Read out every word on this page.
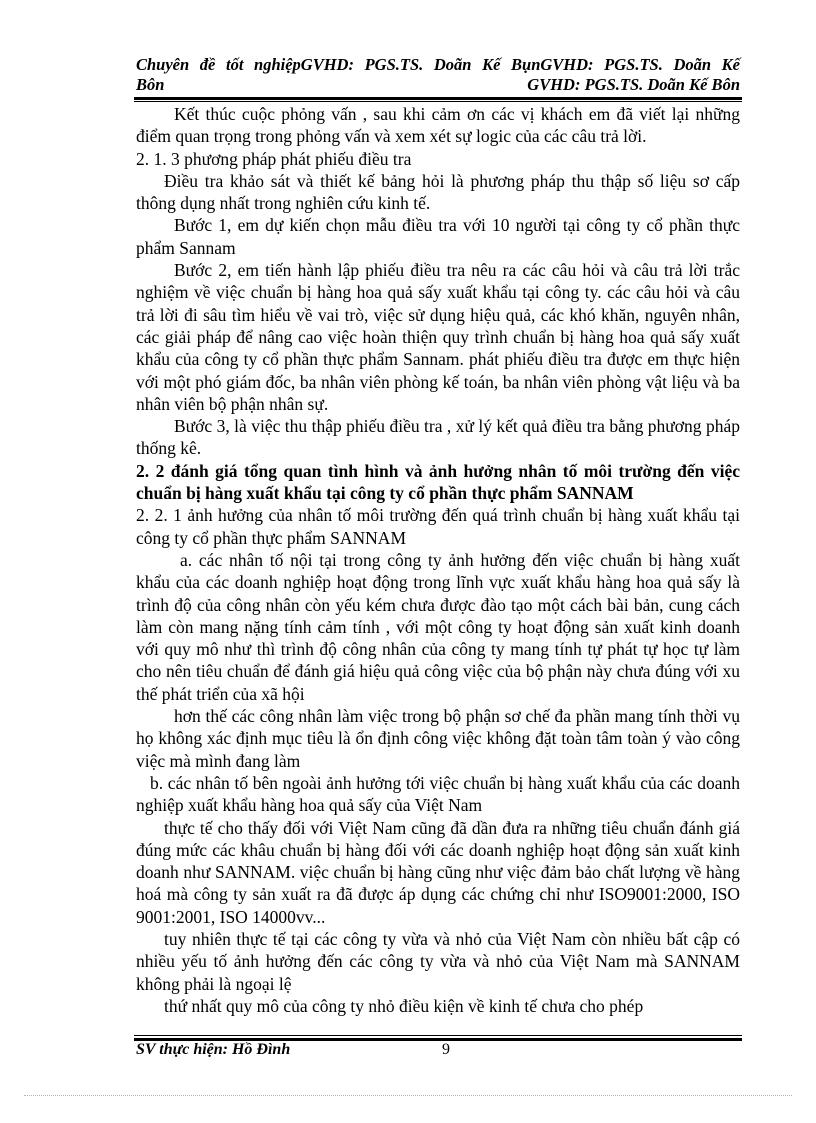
Chuyên đề tốt nghiệpGVHD: PGS.TS. Doãn Kế BụnGVHD: PGS.TS. Doãn Kế
Bôn	GVHD: PGS.TS. Doãn Kế Bôn

Kết thúc cuộc phỏng vấn , sau khi cảm ơn các vị khách em đã viết lại những điểm quan trọng trong phỏng vấn và xem xét sự logic của các câu trả lời.

2. 1. 3 phương pháp phát phiếu điều tra

Điều tra khảo sát và thiết kế bảng hỏi là phương pháp thu thập số liệu sơ cấp thông dụng nhất trong nghiên cứu kinh tế.

Bước 1, em dự kiến chọn mẫu điều tra với 10 người tại công ty cổ phần thực phẩm Sannam

Bước 2, em tiến hành lập phiếu điều tra nêu ra các câu hỏi và câu trả lời trắc nghiệm về việc chuẩn bị hàng hoa quả sấy xuất khẩu tại công ty. các câu hỏi và câu trả lời đi sâu tìm hiểu về vai trò, việc sử dụng hiệu quả, các khó khăn, nguyên nhân, các giải pháp để nâng cao việc hoàn thiện quy trình chuẩn bị hàng hoa quả sấy xuất khẩu của công ty cổ phần thực phẩm Sannam. phát phiếu điều tra được em thực hiện với một phó giám đốc, ba nhân viên phòng kế toán, ba nhân viên phòng vật liệu và ba nhân viên bộ phận nhân sự.

Bước 3, là việc thu thập phiếu điều tra , xử lý kết quả điều tra bằng phương pháp thống kê.

2. 2 đánh giá tổng quan tình hình và ảnh hưởng nhân tố môi trường đến việc chuẩn bị hàng xuất khẩu tại công ty cổ phần thực phẩm SANNAM

2. 2. 1 ảnh hưởng của nhân tố môi trường đến quá trình chuẩn bị hàng xuất khẩu tại công ty cổ phần thực phẩm SANNAM

a. các nhân tố nội tại trong công ty ảnh hưởng đến việc chuẩn bị hàng xuất khẩu của các doanh nghiệp hoạt động trong lĩnh vực xuất khẩu hàng hoa quả sấy là trình độ của công nhân còn yếu kém chưa được đào tạo một cách bài bản, cung cách làm còn mang nặng tính cảm tính , với một công ty hoạt động sản xuất kinh doanh với quy mô như thì trình độ công nhân của công ty mang tính tự phát tự học tự làm cho nên tiêu chuẩn để đánh giá hiệu quả công việc của bộ phận này chưa đúng với xu thế phát triển của xã hội

hơn thế các công nhân làm việc trong bộ phận sơ chế đa phần mang tính thời vụ họ không xác định mục tiêu là ổn định công việc không đặt toàn tâm toàn ý vào công việc mà mình đang làm

b. các nhân tố bên ngoài ảnh hưởng tới việc chuẩn bị hàng xuất khẩu của các doanh nghiệp xuất khẩu hàng hoa quả sấy của Việt Nam

thực tế cho thấy đối với Việt Nam cũng đã dần đưa ra những tiêu chuẩn đánh giá đúng mức các khâu chuẩn bị hàng đối với các doanh nghiệp hoạt động sản xuất kinh doanh như SANNAM. việc chuẩn bị hàng cũng như việc đảm bảo chất lượng về hàng hoá mà công ty sản xuất ra đã được áp dụng các chứng chỉ như ISO9001:2000, ISO 9001:2001, ISO 14000vv...

tuy nhiên thực tế tại các công ty vừa và nhỏ của Việt Nam còn nhiều bất cập có nhiều yếu tố ảnh hưởng đến các công ty vừa và nhỏ của Việt Nam mà SANNAM không phải là ngoại lệ

thứ nhất quy mô của công ty nhỏ điều kiện về kinh tế chưa cho phép

SV thực hiện: Hồ Đình	9
